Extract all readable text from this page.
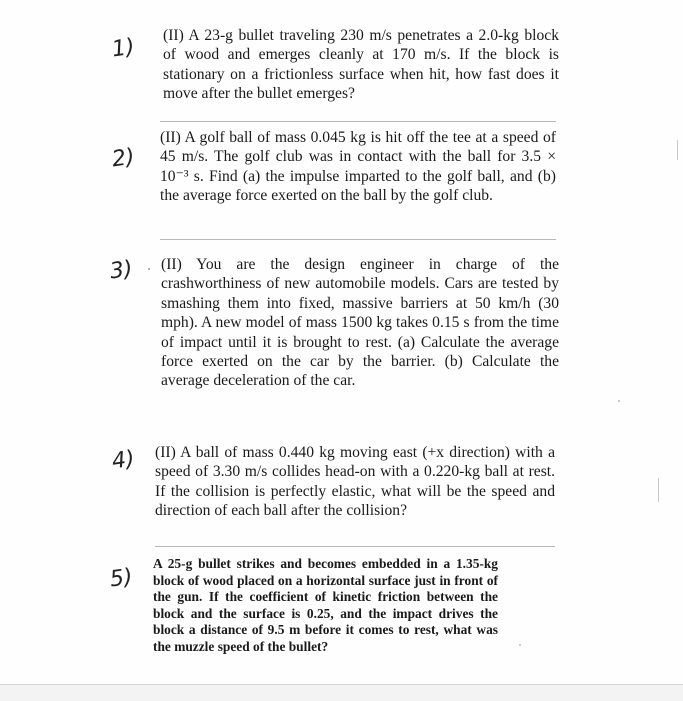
1) (II) A 23-g bullet traveling 230 m/s penetrates a 2.0-kg block of wood and emerges cleanly at 170 m/s. If the block is stationary on a frictionless surface when hit, how fast does it move after the bullet emerges?
2)
(II) A golf ball of mass 0.045 kg is hit off the tee at a speed of 45 m/s. The golf club was in contact with the ball for 3.5 × 10⁻³ s. Find (a) the impulse imparted to the golf ball, and (b) the average force exerted on the ball by the golf club.
3) (II) You are the design engineer in charge of the crashworthiness of new automobile models. Cars are tested by smashing them into fixed, massive barriers at 50 km/h (30 mph). A new model of mass 1500 kg takes 0.15 s from the time of impact until it is brought to rest. (a) Calculate the average force exerted on the car by the barrier. (b) Calculate the average deceleration of the car.
4) (II) A ball of mass 0.440 kg moving east (+x direction) with a speed of 3.30 m/s collides head-on with a 0.220-kg ball at rest. If the collision is perfectly elastic, what will be the speed and direction of each ball after the collision?
5)
A 25-g bullet strikes and becomes embedded in a 1.35-kg block of wood placed on a horizontal surface just in front of the gun. If the coefficient of kinetic friction between the block and the surface is 0.25, and the impact drives the block a distance of 9.5 m before it comes to rest, what was the muzzle speed of the bullet?
